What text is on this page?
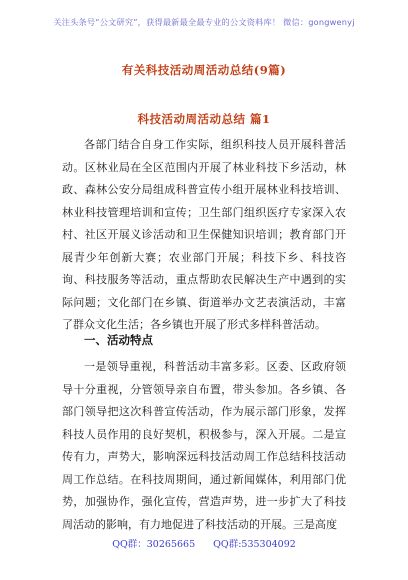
关注头条号“公文研究”，获得最新最全最专业的公文资料库！ 微信：gongwenyj
有关科技活动周活动总结(9篇)
科技活动周活动总结 篇1

各部门结合自身工作实际，组织科技人员开展科普活动。区林业局在全区范围内开展了林业科技下乡活动，林政、森林公安分局组成科普宣传小组开展林业科技培训、林业科技管理培训和宣传；卫生部门组织医疗专家深入农村、社区开展义诊活动和卫生保健知识培训；教育部门开展青少年创新大赛；农业部门开展；科技下乡、科技咨询、科技服务等活动，重点帮助农民解决生产中遇到的实际问题；文化部门在乡镇、街道举办文艺表演活动，丰富了群众文化生活；各乡镇也开展了形式多样科普活动。

一、活动特点

一是领导重视，科普活动丰富多彩。区委、区政府领导十分重视，分管领导亲自布置，带头参加。各乡镇、各部门领导把这次科普宣传活动，作为展示部门形象，发挥科技人员作用的良好契机，积极参与，深入开展。二是宣传有力，声势大，影响深远科技活动周工作总结科技活动周工作总结。在科技周期间，通过新闻媒体，利用部门优势，加强协作，强化宣传，营造声势，进一步扩大了科技周活动的影响，有力地促进了科技活动的开展。三是高度

QQ群：30265665 QQ群:535304092
